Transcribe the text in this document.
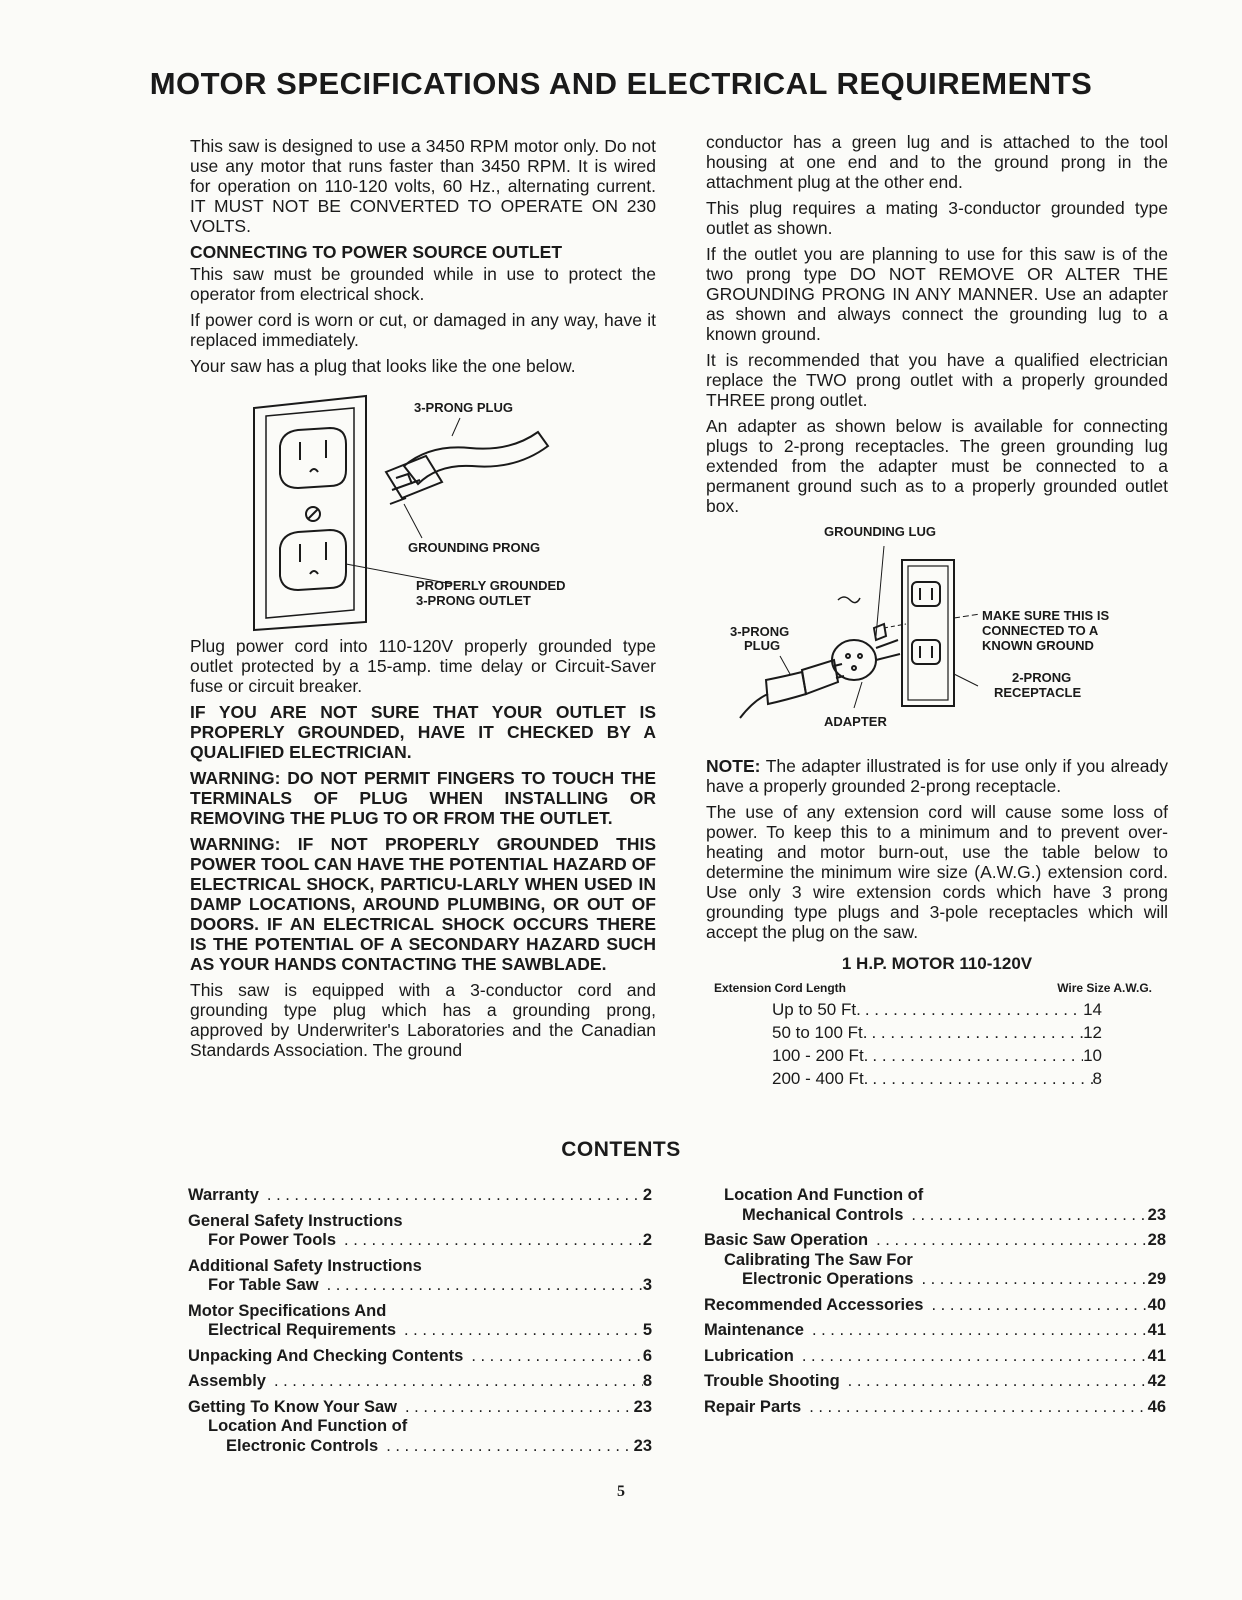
MOTOR SPECIFICATIONS AND ELECTRICAL REQUIREMENTS

This saw is designed to use a 3450 RPM motor only. Do not use any motor that runs faster than 3450 RPM. It is wired for operation on 110-120 volts, 60 Hz., alternating current. IT MUST NOT BE CONVERTED TO OPERATE ON 230 VOLTS.

CONNECTING TO POWER SOURCE OUTLET

This saw must be grounded while in use to protect the operator from electrical shock.

If power cord is worn or cut, or damaged in any way, have it replaced immediately.

Your saw has a plug that looks like the one below.

3-PRONG PLUG
GROUNDING PRONG
PROPERLY GROUNDED
3-PRONG OUTLET

Plug power cord into 110-120V properly grounded type outlet protected by a 15-amp. time delay or Circuit-Saver fuse or circuit breaker.

IF YOU ARE NOT SURE THAT YOUR OUTLET IS PROPERLY GROUNDED, HAVE IT CHECKED BY A QUALIFIED ELECTRICIAN.
WARNING: DO NOT PERMIT FINGERS TO TOUCH THE TERMINALS OF PLUG WHEN INSTALLING OR REMOVING THE PLUG TO OR FROM THE OUTLET.
WARNING: IF NOT PROPERLY GROUNDED THIS POWER TOOL CAN HAVE THE POTENTIAL HAZARD OF ELECTRICAL SHOCK, PARTICU-LARLY WHEN USED IN DAMP LOCATIONS, AROUND PLUMBING, OR OUT OF DOORS. IF AN ELECTRICAL SHOCK OCCURS THERE IS THE POTENTIAL OF A SECONDARY HAZARD SUCH AS YOUR HANDS CONTACTING THE SAWBLADE.

This saw is equipped with a 3-conductor cord and grounding type plug which has a grounding prong, approved by Underwriter's Laboratories and the Canadian Standards Association. The ground

conductor has a green lug and is attached to the tool housing at one end and to the ground prong in the attachment plug at the other end.

This plug requires a mating 3-conductor grounded type outlet as shown.

If the outlet you are planning to use for this saw is of the two prong type DO NOT REMOVE OR ALTER THE GROUNDING PRONG IN ANY MANNER. Use an adapter as shown and always connect the grounding lug to a known ground.

It is recommended that you have a qualified electrician replace the TWO prong outlet with a properly grounded THREE prong outlet.

An adapter as shown below is available for connecting plugs to 2-prong receptacles. The green grounding lug extended from the adapter must be connected to a permanent ground such as to a properly grounded outlet box.

GROUNDING LUG
3-PRONG
PLUG
MAKE SURE THIS IS
CONNECTED TO A
KNOWN GROUND
2-PRONG
RECEPTACLE
ADAPTER

NOTE: The adapter illustrated is for use only if you already have a properly grounded 2-prong receptacle.

The use of any extension cord will cause some loss of power. To keep this to a minimum and to prevent over-heating and motor burn-out, use the table below to determine the minimum wire size (A.W.G.) extension cord. Use only 3 wire extension cords which have 3 prong grounding type plugs and 3-pole receptacles which will accept the plug on the saw.

1 H.P. MOTOR 110-120V
Extension Cord Length	Wire Size A.W.G.
Up to 50 Ft. . . .	14
50 to 100 Ft. . . .	12
100 - 200 Ft. . . .	10
200 - 400 Ft. . . .	8
CONTENTS
Warranty . . .	2
General Safety Instructions
For Power Tools . . .	2
Additional Safety Instructions
For Table Saw . . .	3
Motor Specifications And
Electrical Requirements . . .	5
Unpacking And Checking Contents . . .	6
Assembly . . .	8
Getting To Know Your Saw . . .	23
Location And Function of
Electronic Controls . . .	23
Location And Function of
Mechanical Controls . . .	23
Basic Saw Operation . . .	28
Calibrating The Saw For
Electronic Operations . . .	29
Recommended Accessories . . .	40
Maintenance . . .	41
Lubrication . . .	41
Trouble Shooting . . .	42
Repair Parts . . .	46
5
